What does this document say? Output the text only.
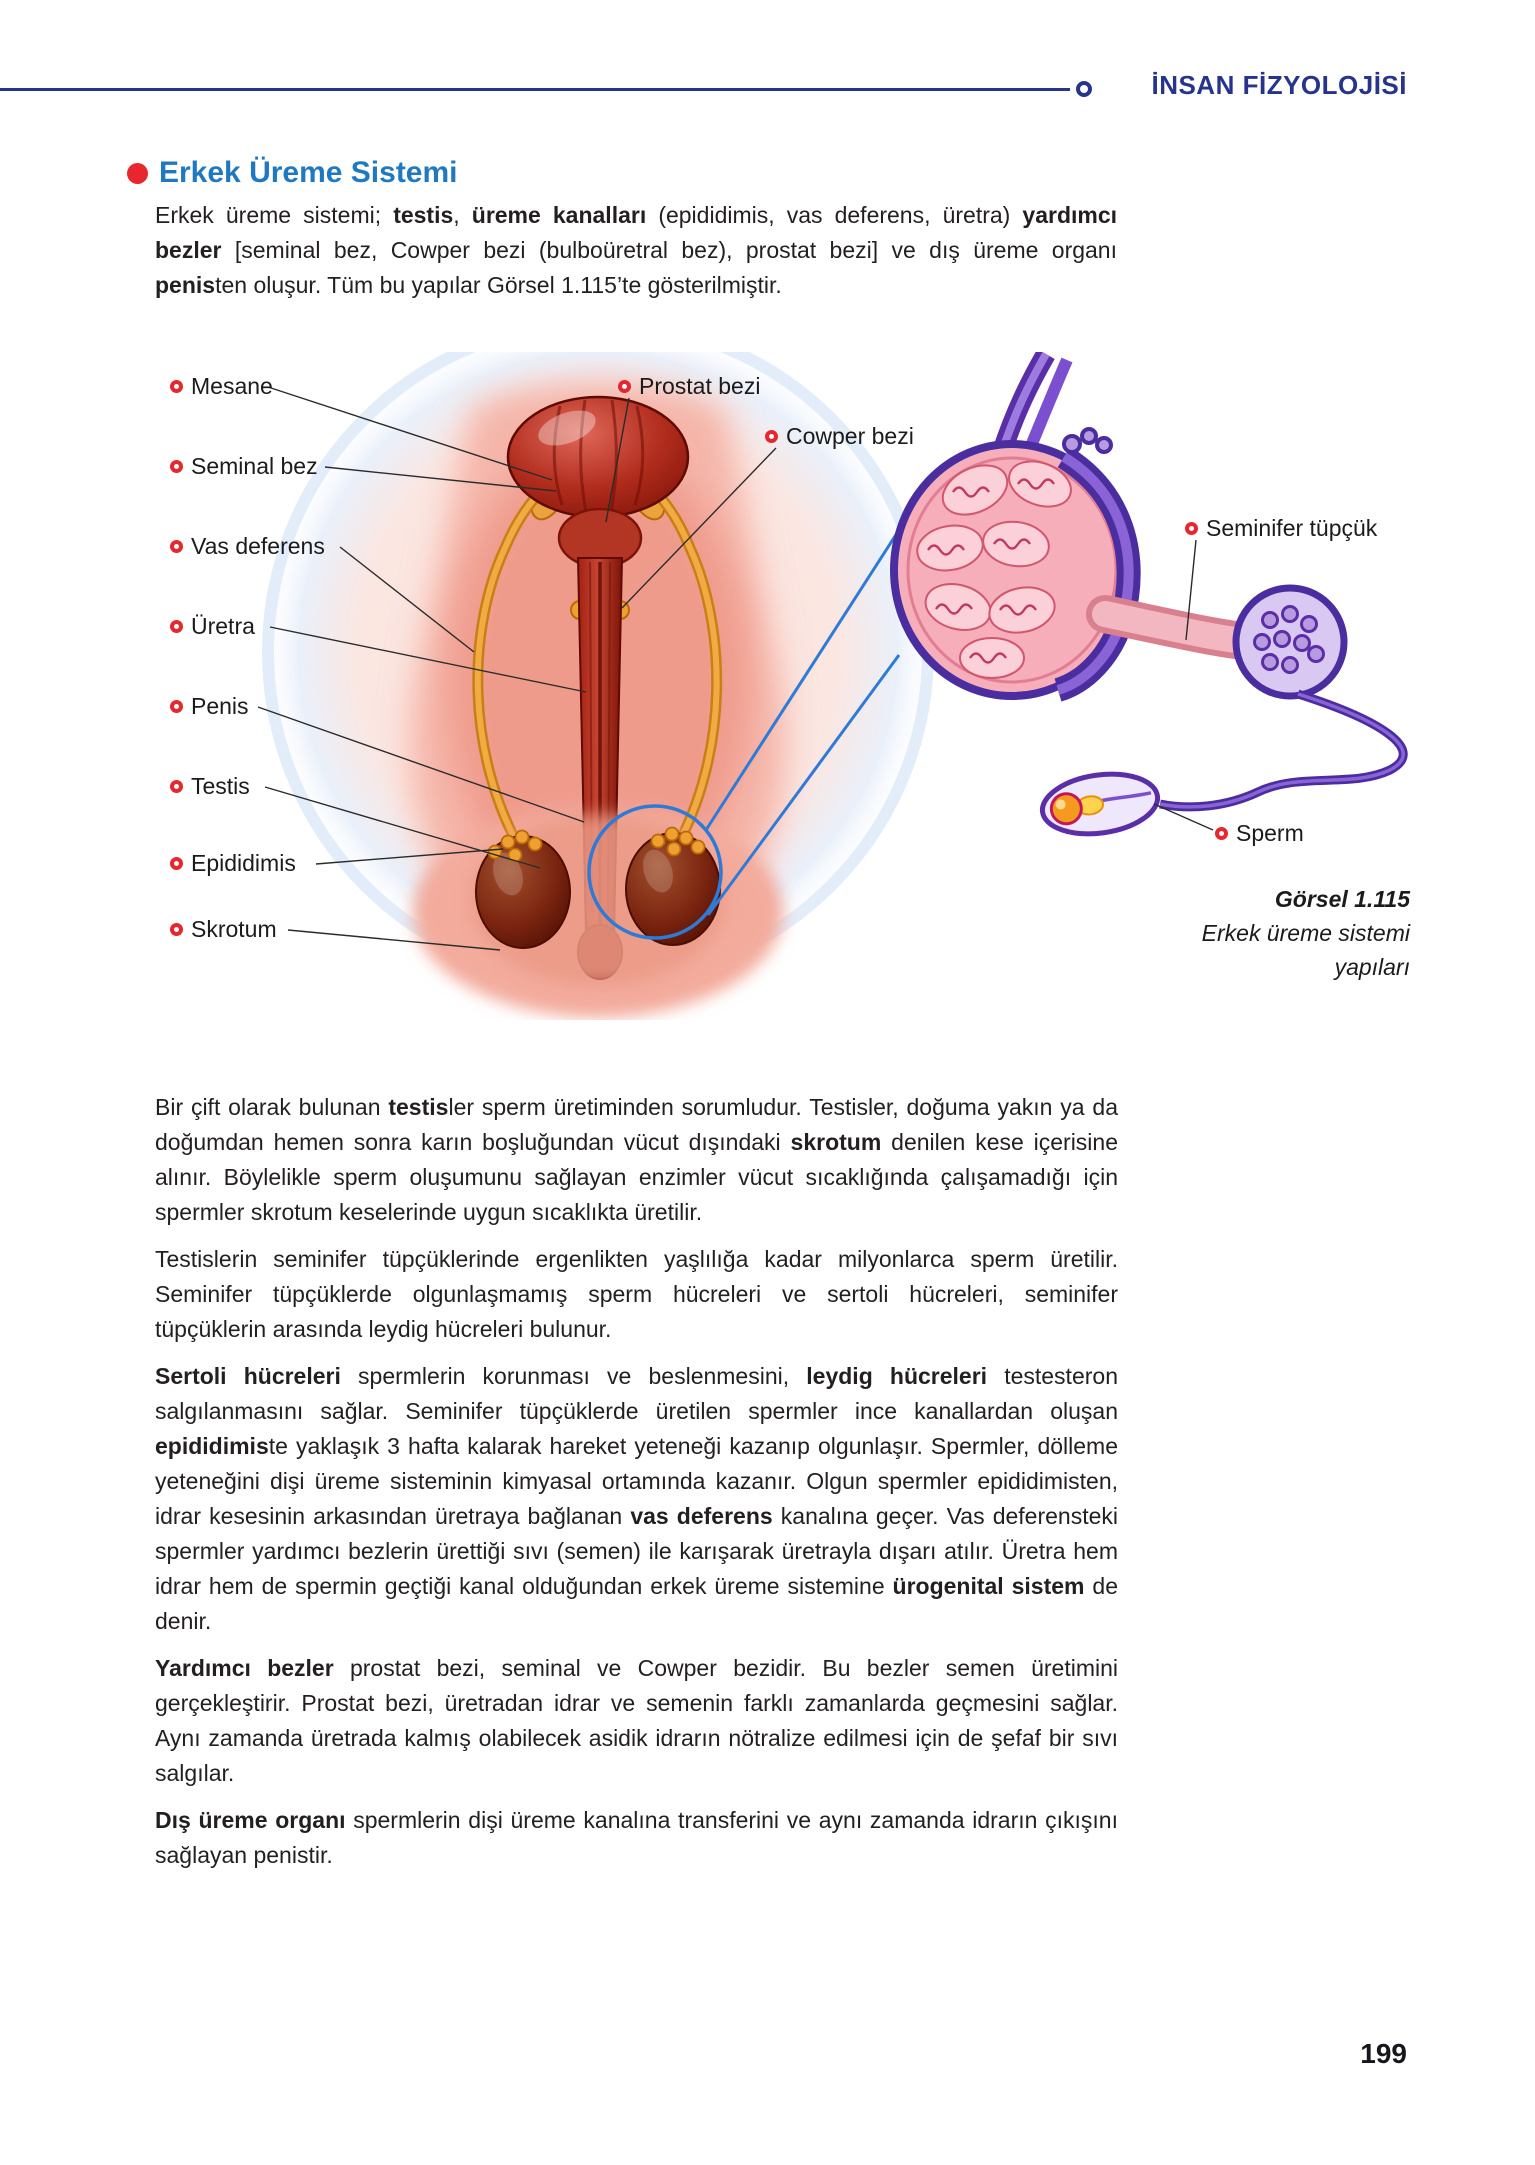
İNSAN FİZYOLOJİSİ
Erkek Üreme Sistemi

Erkek üreme sistemi; testis, üreme kanalları (epididimis, vas deferens, üretra) yardımcı bezler [seminal bez, Cowper bezi (bulboüretral bez), prostat bezi] ve dış üreme organı penisten oluşur. Tüm bu yapılar Görsel 1.115’te gösterilmiştir.

Mesane
Seminal bez
Vas deferens
Üretra
Penis
Testis
Epididimis
Skrotum
Prostat bezi
Cowper bezi
Seminifer tüpçük
Sperm
Görsel 1.115
Erkek üreme sistemi
yapıları

Bir çift olarak bulunan testisler sperm üretiminden sorumludur. Testisler, doğuma yakın ya da doğumdan hemen sonra karın boşluğundan vücut dışındaki skrotum denilen kese içerisine alınır. Böylelikle sperm oluşumunu sağlayan enzimler vücut sıcaklığında çalışamadığı için spermler skrotum keselerinde uygun sıcaklıkta üretilir.

Testislerin seminifer tüpçüklerinde ergenlikten yaşlılığa kadar milyonlarca sperm üretilir. Seminifer tüpçüklerde olgunlaşmamış sperm hücreleri ve sertoli hücreleri, seminifer tüpçüklerin arasında leydig hücreleri bulunur.

Sertoli hücreleri spermlerin korunması ve beslenmesini, leydig hücreleri testesteron salgılanmasını sağlar. Seminifer tüpçüklerde üretilen spermler ince kanallardan oluşan epididimiste yaklaşık 3 hafta kalarak hareket yeteneği kazanıp olgunlaşır. Spermler, dölleme yeteneğini dişi üreme sisteminin kimyasal ortamında kazanır. Olgun spermler epididimisten, idrar kesesinin arkasından üretraya bağlanan vas deferens kanalına geçer. Vas deferensteki spermler yardımcı bezlerin ürettiği sıvı (semen) ile karışarak üretrayla dışarı atılır. Üretra hem idrar hem de spermin geçtiği kanal olduğundan erkek üreme sistemine ürogenital sistem de denir.

Yardımcı bezler prostat bezi, seminal ve Cowper bezidir. Bu bezler semen üretimini gerçekleştirir. Prostat bezi, üretradan idrar ve semenin farklı zamanlarda geçmesini sağlar. Aynı zamanda üretrada kalmış olabilecek asidik idrarın nötralize edilmesi için de şefaf bir sıvı salgılar.

Dış üreme organı spermlerin dişi üreme kanalına transferini ve aynı zamanda idrarın çıkışını sağlayan penistir.

199
